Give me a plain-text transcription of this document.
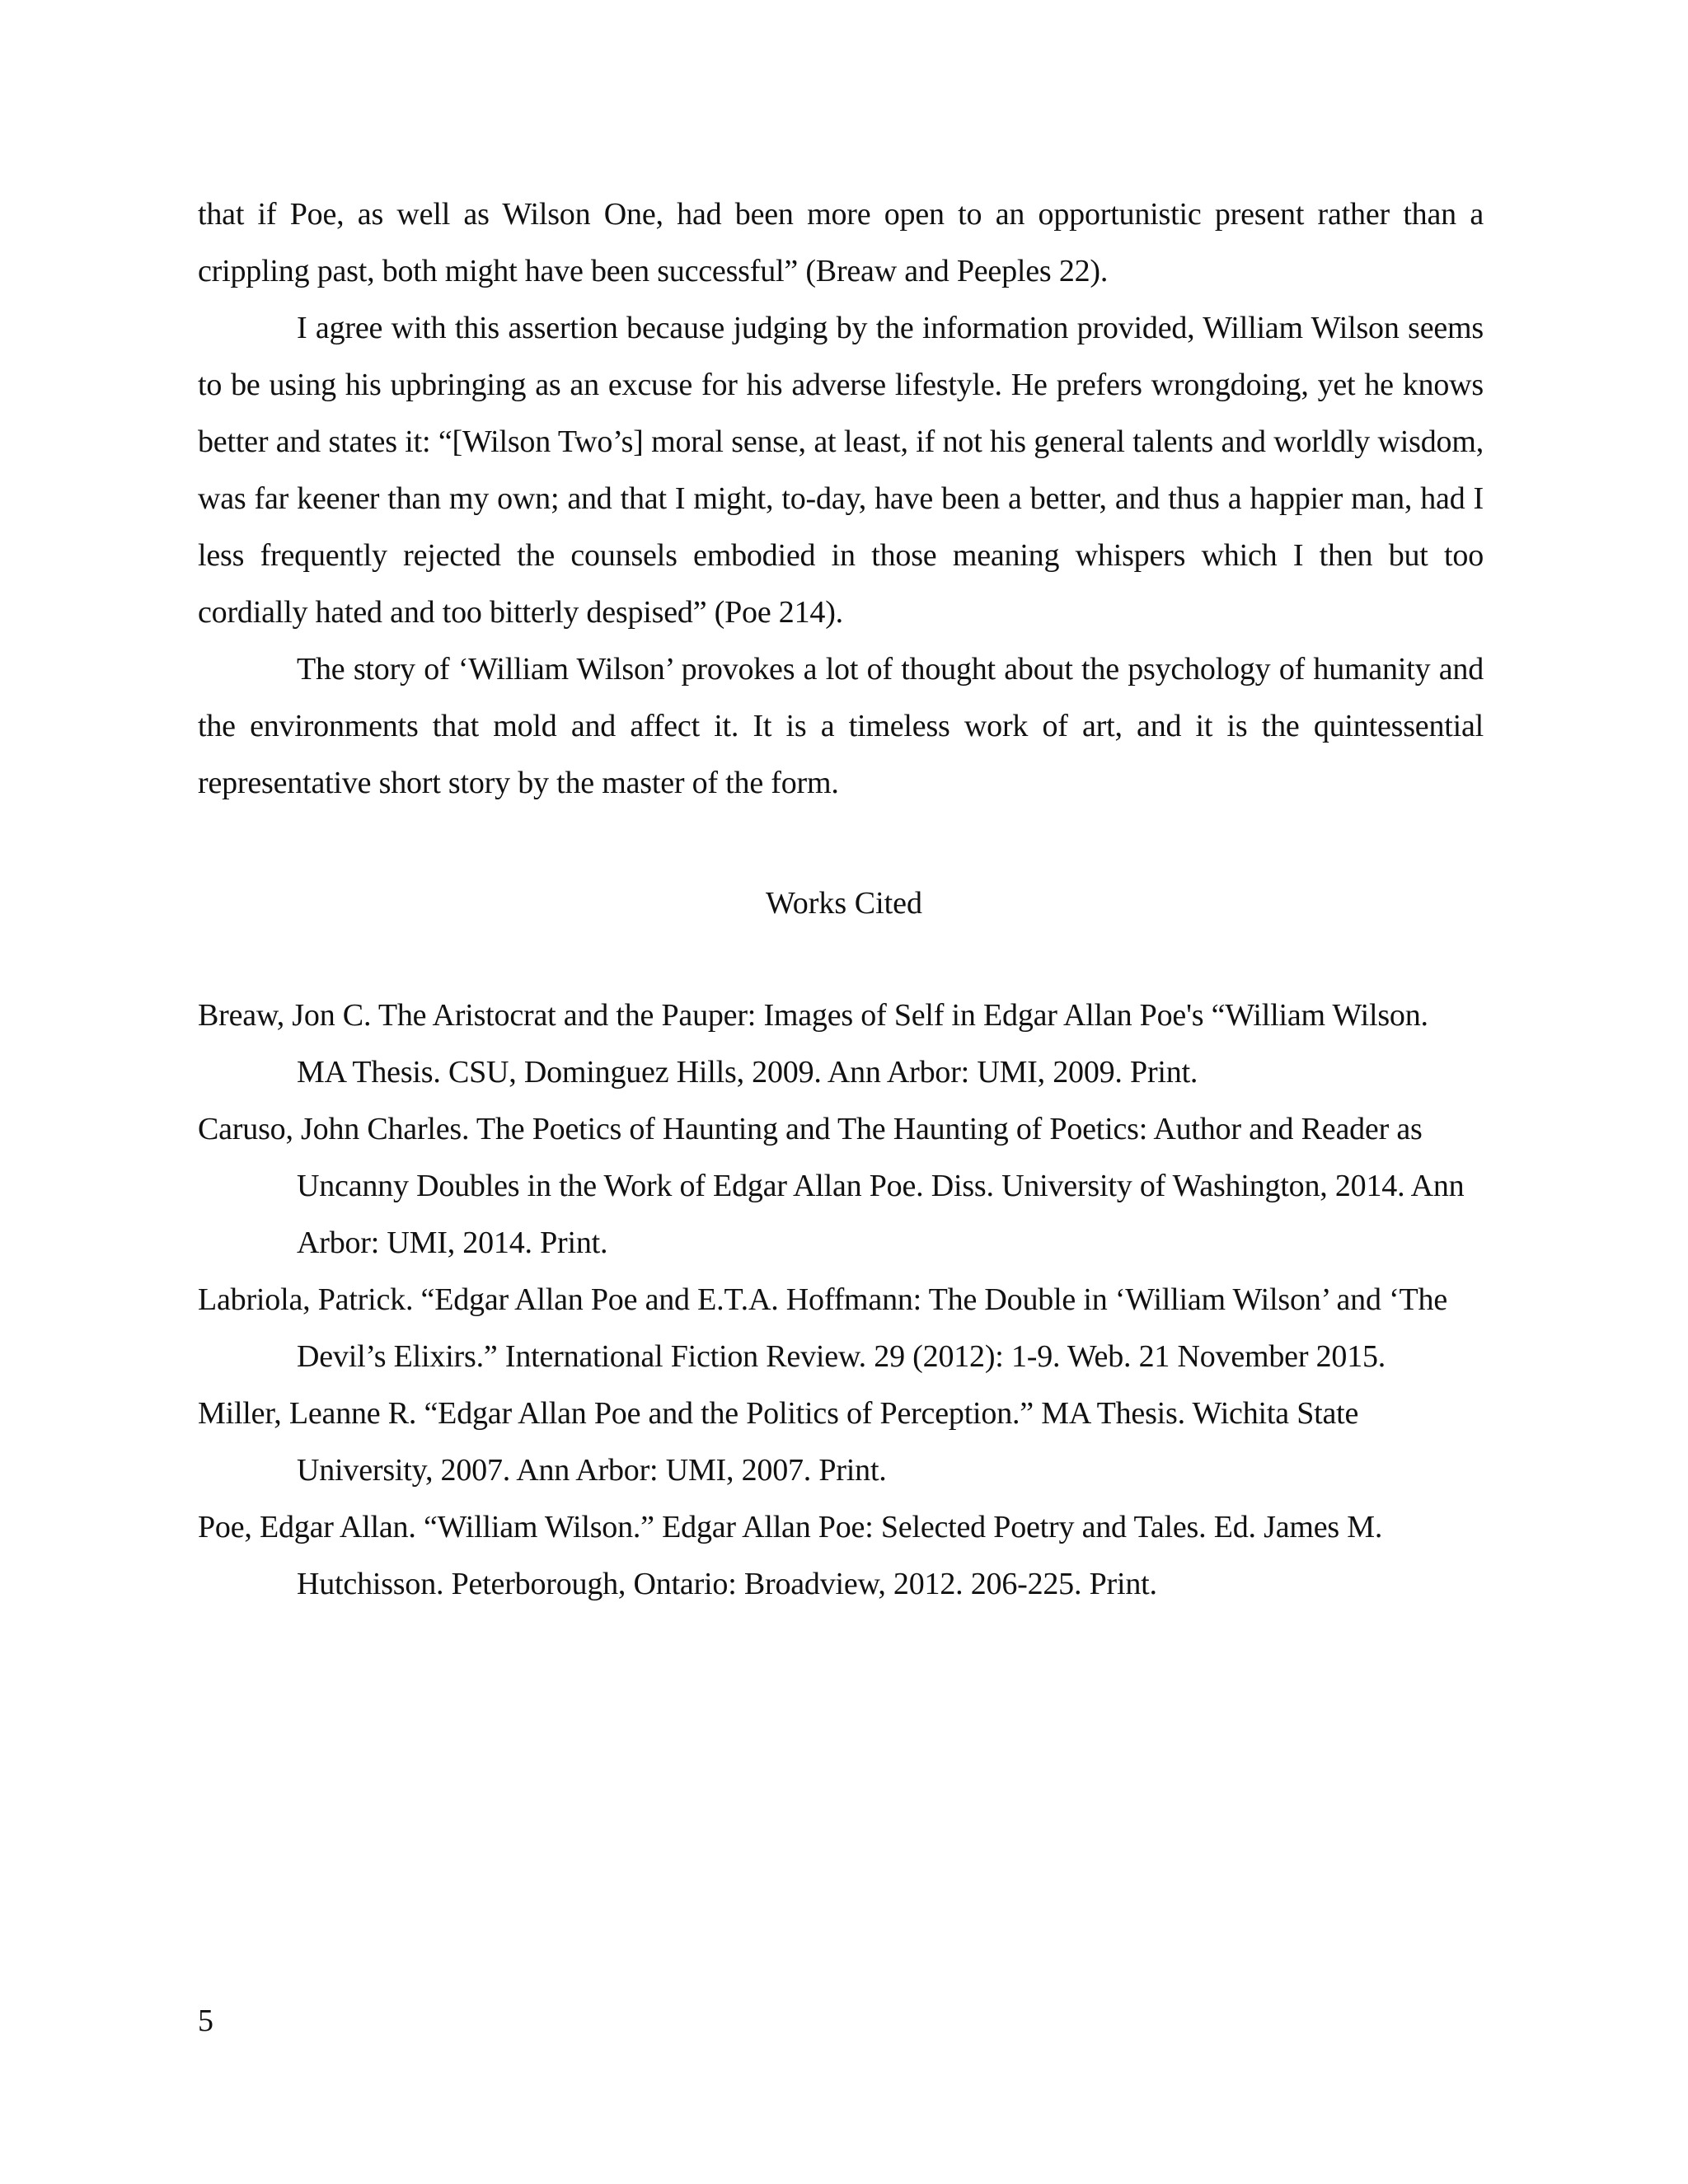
that if Poe, as well as Wilson One, had been more open to an opportunistic present rather than a crippling past, both might have been successful” (Breaw and Peeples 22).

I agree with this assertion because judging by the information provided, William Wilson seems to be using his upbringing as an excuse for his adverse lifestyle. He prefers wrongdoing, yet he knows better and states it: “[Wilson Two’s] moral sense, at least, if not his general talents and worldly wisdom, was far keener than my own; and that I might, to-day, have been a better, and thus a happier man, had I less frequently rejected the counsels embodied in those meaning whispers which I then but too cordially hated and too bitterly despised” (Poe 214).

The story of ‘William Wilson’ provokes a lot of thought about the psychology of humanity and the environments that mold and affect it. It is a timeless work of art, and it is the quintessential representative short story by the master of the form.

Works Cited

Breaw, Jon C. The Aristocrat and the Pauper: Images of Self in Edgar Allan Poe's “William Wilson. MA Thesis. CSU, Dominguez Hills, 2009. Ann Arbor: UMI, 2009. Print.

Caruso, John Charles. The Poetics of Haunting and The Haunting of Poetics: Author and Reader as Uncanny Doubles in the Work of Edgar Allan Poe. Diss. University of Washington, 2014. Ann Arbor: UMI, 2014. Print.

Labriola, Patrick. “Edgar Allan Poe and E.T.A. Hoffmann: The Double in ‘William Wilson’ and ‘The Devil’s Elixirs.” International Fiction Review. 29 (2012): 1-9. Web. 21 November 2015.

Miller, Leanne R. “Edgar Allan Poe and the Politics of Perception.” MA Thesis. Wichita State University, 2007. Ann Arbor: UMI, 2007. Print.

Poe, Edgar Allan. “William Wilson.” Edgar Allan Poe: Selected Poetry and Tales. Ed. James M. Hutchisson. Peterborough, Ontario: Broadview, 2012. 206-225. Print.

5
